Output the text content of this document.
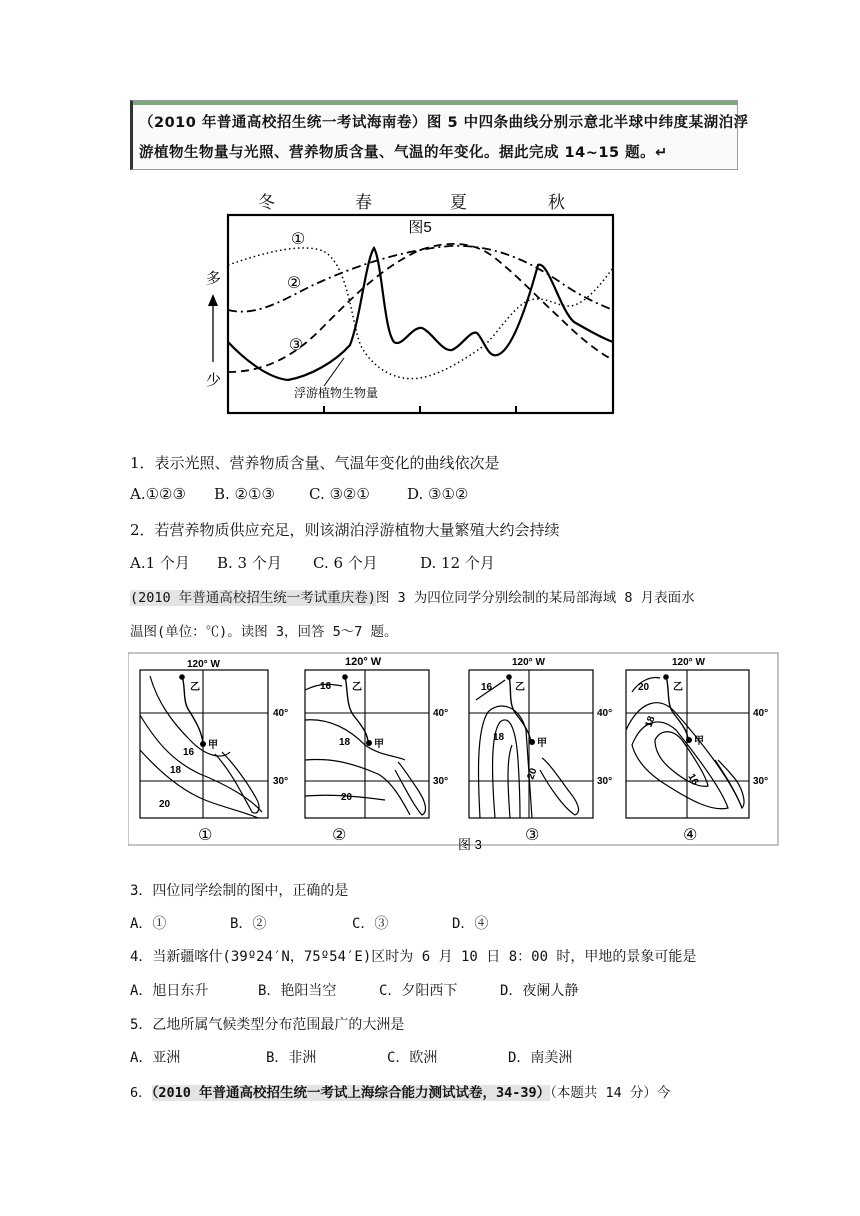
（2010 年普通高校招生统一考试海南卷）图 5 中四条曲线分别示意北半球中纬度某湖泊浮
游植物生物量与光照、营养物质含量、气温的年变化。据此完成 14~15 题。↵
冬	春	夏	秋
图5
多
少
①
②
③
浮游植物生物量
1．表示光照、营养物质含量、气温年变化的曲线依次是
A.①②③ B. ②①③ C. ③②① D. ③①②
2．若营养物质供应充足，则该湖泊浮游植物大量繁殖大约会持续
A.1 个月 B. 3 个月 C. 6 个月	D. 12 个月
(2010 年普通高校招生统一考试重庆卷)图 3 为四位同学分别绘制的某局部海域 8 月表面水
温图(单位：℃)。读图 3，回答 5～7 题。
120° W
40°
30°
乙
甲
16
18
20
①
120° W
40°
30°
乙
甲
16
18
20
②
120° W
40°
30°
乙
甲
16
18
20
③
120° W
40°
30°
乙
甲
20
18
16
④
图 3
3．四位同学绘制的图中，正确的是
A．①	B．②	C．③	D．④
4．当新疆喀什(39º24′N，75º54′E)区时为 6 月 10 日 8：00 时，甲地的景象可能是
A．旭日东升	B．艳阳当空	C．夕阳西下	D．夜阑人静
5．乙地所属气候类型分布范围最广的大洲是
A．亚洲	B．非洲	C．欧洲	D．南美洲
6．（2010 年普通高校招生统一考试上海综合能力测试试卷，34-39）（本题共 14 分）今
